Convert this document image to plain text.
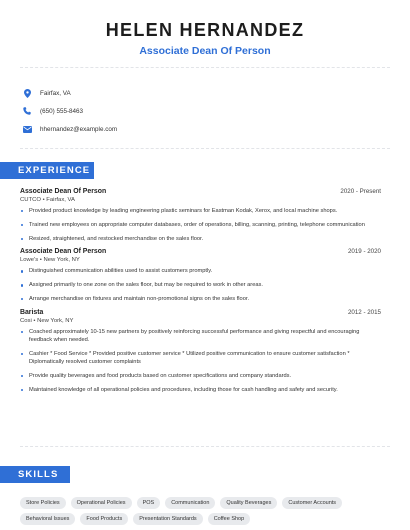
HELEN HERNANDEZ
Associate Dean Of Person
Fairfax, VA
(650) 555-8463
hhernandez@example.com
EXPERIENCE
Associate Dean Of Person	2020 - Present
CUTCO • Fairfax, VA
Provided product knowledge by leading engineering plastic seminars for Eastman Kodak, Xerox, and local machine shops.
Trained new employees on appropriate computer databases, order of operations, billing, scanning, printing, telephone communication
Resized, straightened, and restocked merchandise on the sales floor.
Associate Dean Of Person	2019 - 2020
Lowe's • New York, NY
Distinguished communication abilities used to assist customers promptly.
Assigned primarily to one zone on the sales floor, but may be required to work in other areas.
Arrange merchandise on fixtures and maintain non-promotional signs on the sales floor.
Barista	2012 - 2015
Cosi • New York, NY
Coached approximately 10-15 new partners by positively reinforcing successful performance and giving respectful and encouraging feedback when needed.
Cashier * Food Service * Provided positive customer service * Utilized positive communication to ensure customer satisfaction * Diplomatically resolved customer complaints
Provide quality beverages and food products based on customer specifications and company standards.
Maintained knowledge of all operational policies and procedures, including those for cash handling and safety and security.
SKILLS
Store Policies	Operational Policies	POS	Communication	Quality Beverages	Customer Accounts
Behavioral Issues	Food Products	Presentation Standards	Coffee Shop
